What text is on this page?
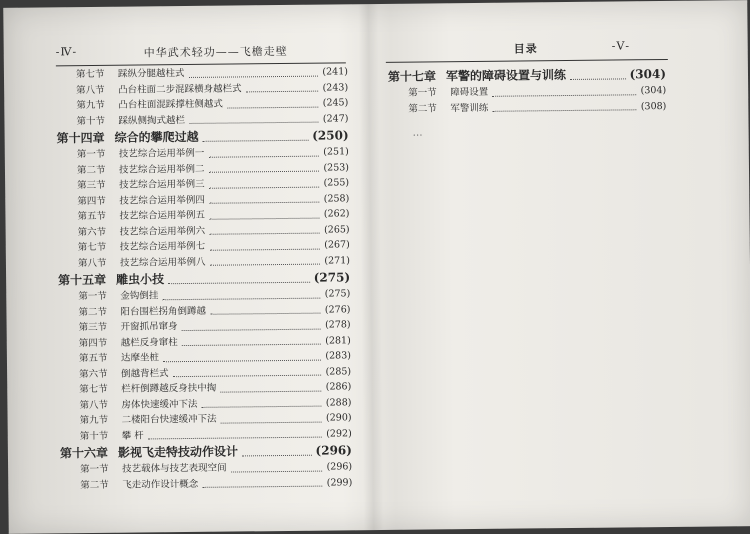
-Ⅳ-	中华武术轻功——飞檐走壁
第七节 踩纵分腿越柱式	(241)
第八节 凸台柱面二步混踩横身越栏式	(243)
第九节 凸台柱面混踩撑柱侧越式	(245)
第十节 踩纵侧掏式越栏	(247)
第十四章 综合的攀爬过越	(250)
第一节 技艺综合运用举例一	(251)
第二节 技艺综合运用举例二	(253)
第三节 技艺综合运用举例三	(255)
第四节 技艺综合运用举例四	(258)
第五节 技艺综合运用举例五	(262)
第六节 技艺综合运用举例六	(265)
第七节 技艺综合运用举例七	(267)
第八节 技艺综合运用举例八	(271)
第十五章 雕虫小技	(275)
第一节 金钩倒挂	(275)
第二节 阳台围栏拐角倒蹲越	(276)
第三节 开窗抓吊窜身	(278)
第四节 越栏反身窜柱	(281)
第五节 达摩坐桩	(283)
第六节 倒越背栏式	(285)
第七节 栏杆倒蹲越反身扶中掏	(286)
第八节 房体快速缓冲下法	(288)
第九节 二楼阳台快速缓冲下法	(290)
第十节 攀 杆	(292)
第十六章 影视飞走特技动作设计	(296)
第一节 技艺载体与技艺表现空间	(296)
第二节 飞走动作设计概念	(299)
目录	-Ⅴ-
第十七章 军警的障碍设置与训练	(304)
第一节 障碍设置	(304)
第二节 军警训练	(308)
…
